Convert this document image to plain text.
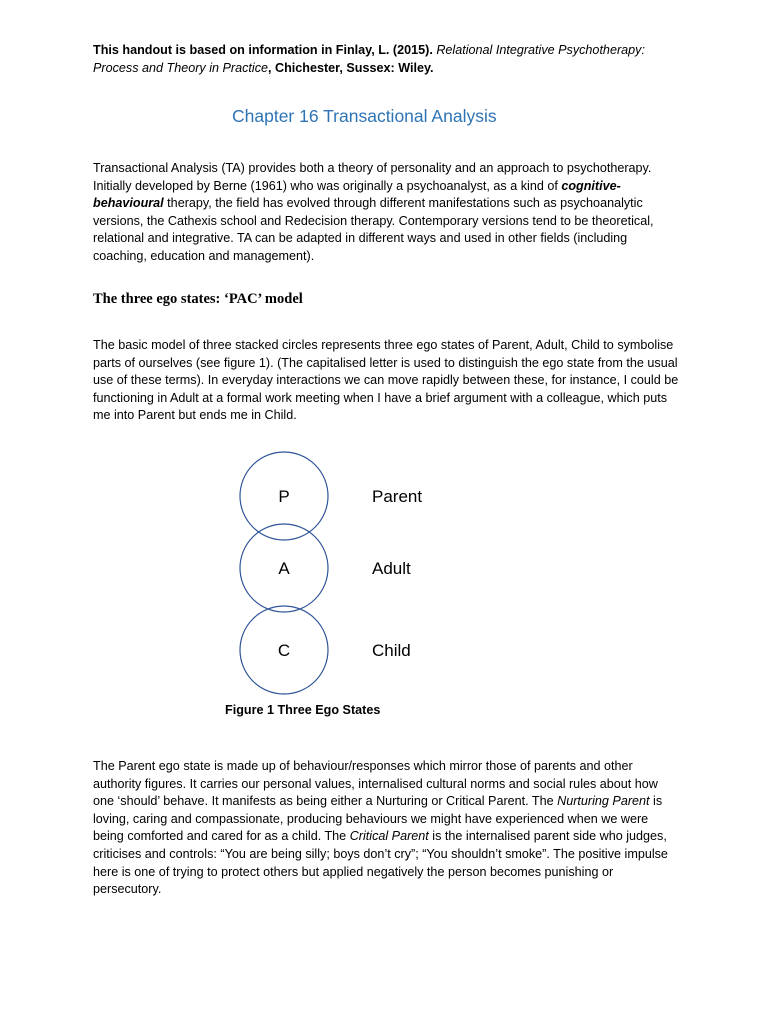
This handout is based on information in Finlay, L. (2015). Relational Integrative Psychotherapy: Process and Theory in Practice, Chichester, Sussex: Wiley.

Chapter 16 Transactional Analysis

Transactional Analysis (TA) provides both a theory of personality and an approach to psychotherapy. Initially developed by Berne (1961) who was originally a psychoanalyst, as a kind of cognitive-behavioural therapy, the field has evolved through different manifestations such as psychoanalytic versions, the Cathexis school and Redecision therapy. Contemporary versions tend to be theoretical, relational and integrative. TA can be adapted in different ways and used in other fields (including coaching, education and management).

The three ego states: ‘PAC’ model

The basic model of three stacked circles represents three ego states of Parent, Adult, Child to symbolise parts of ourselves (see figure 1). (The capitalised letter is used to distinguish the ego state from the usual use of these terms). In everyday interactions we can move rapidly between these, for instance, I could be functioning in Adult at a formal work meeting when I have a brief argument with a colleague, which puts me into Parent but ends me in Child.

P
A
C
Parent
Adult
Child

Figure 1 Three Ego States

The Parent ego state is made up of behaviour/responses which mirror those of parents and other authority figures. It carries our personal values, internalised cultural norms and social rules about how one ‘should’ behave. It manifests as being either a Nurturing or Critical Parent. The Nurturing Parent is loving, caring and compassionate, producing behaviours we might have experienced when we were being comforted and cared for as a child. The Critical Parent is the internalised parent side who judges, criticises and controls: “You are being silly; boys don’t cry”; “You shouldn’t smoke”. The positive impulse here is one of trying to protect others but applied negatively the person becomes punishing or persecutory.
